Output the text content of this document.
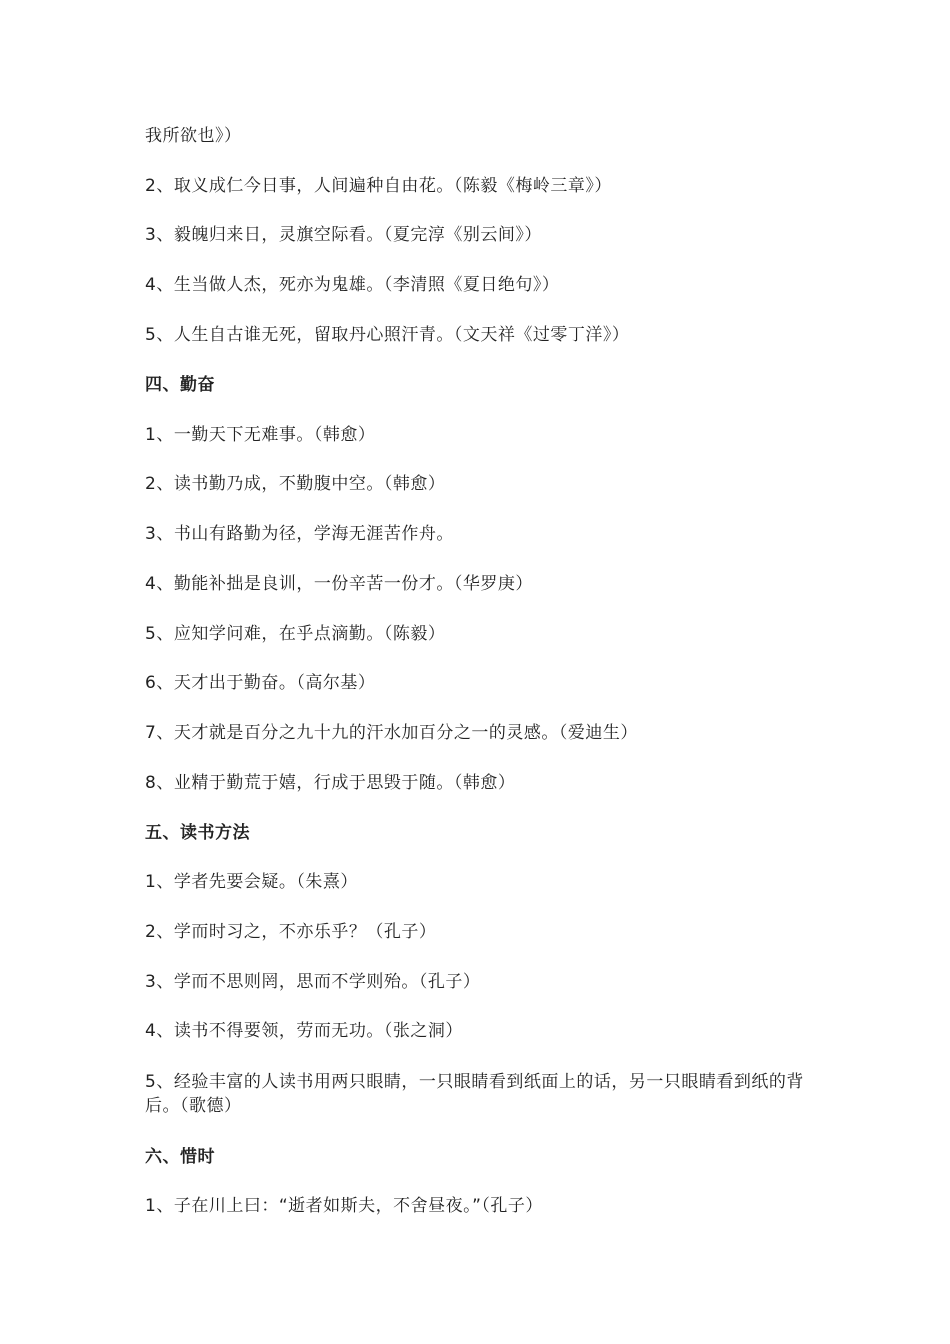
我所欲也》）
2、取义成仁今日事，人间遍种自由花。（陈毅《梅岭三章》）
3、毅魄归来日，灵旗空际看。（夏完淳《别云间》）
4、生当做人杰，死亦为鬼雄。（李清照《夏日绝句》）
5、人生自古谁无死，留取丹心照汗青。（文天祥《过零丁洋》）
四、勤奋
1、一勤天下无难事。（韩愈）
2、读书勤乃成，不勤腹中空。（韩愈）
3、书山有路勤为径，学海无涯苦作舟。
4、勤能补拙是良训，一份辛苦一份才。（华罗庚）
5、应知学问难，在乎点滴勤。（陈毅）
6、天才出于勤奋。（高尔基）
7、天才就是百分之九十九的汗水加百分之一的灵感。（爱迪生）
8、业精于勤荒于嬉，行成于思毁于随。（韩愈）
五、读书方法
1、学者先要会疑。（朱熹）
2、学而时习之，不亦乐乎？（孔子）
3、学而不思则罔，思而不学则殆。（孔子）
4、读书不得要领，劳而无功。（张之洞）
5、经验丰富的人读书用两只眼睛，一只眼睛看到纸面上的话，另一只眼睛看到纸的背后。（歌德）
六、惜时
1、子在川上曰：“逝者如斯夫，不舍昼夜。”（孔子）
